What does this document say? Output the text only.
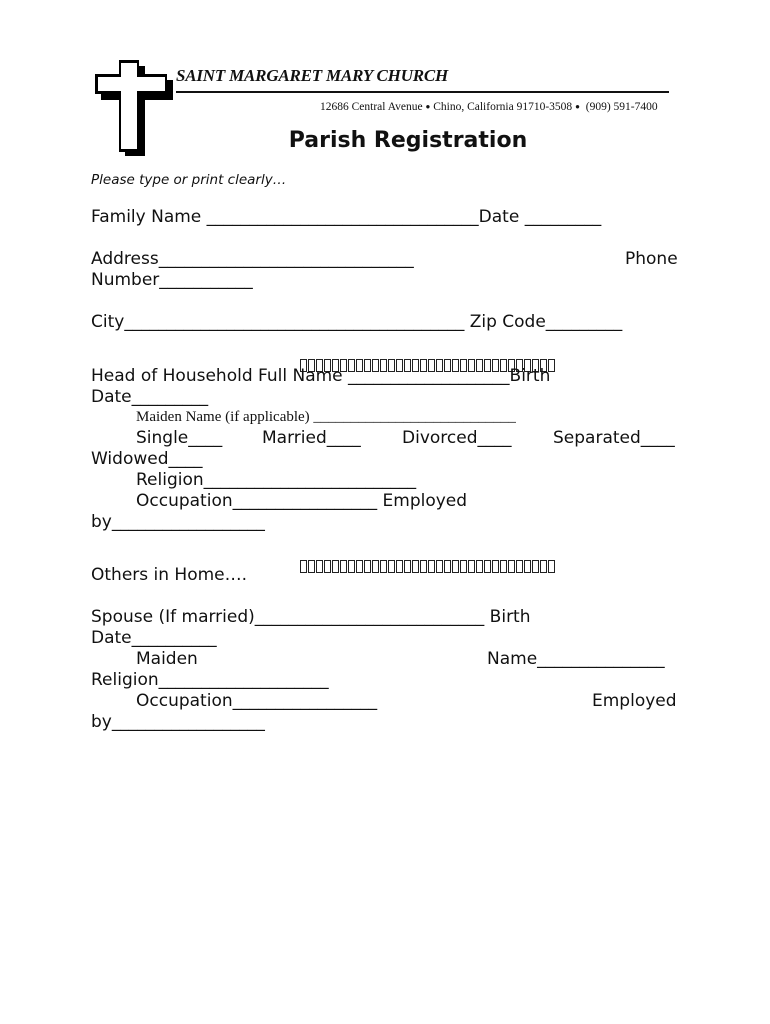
SAINT MARGARET MARY CHURCH
12686 Central Avenue ● Chino, California 91710-3508 ● (909) 591-7400
Parish Registration
Please type or print clearly…
Family Name ________________________________Date _________
Address______________________________	Phone
Number___________
City________________________________________ Zip Code_________

Head of Household Full Name ___________________Birth
Date_________
Maiden Name (if applicable) ___________________________
Single____ Married____ Divorced____ Separated____
Widowed____
Religion_________________________
Occupation_________________ Employed
by__________________

Others in Home….
Spouse (If married)___________________________ Birth
Date__________
Maiden	Name_______________
Religion____________________
Occupation_________________	Employed
by__________________
